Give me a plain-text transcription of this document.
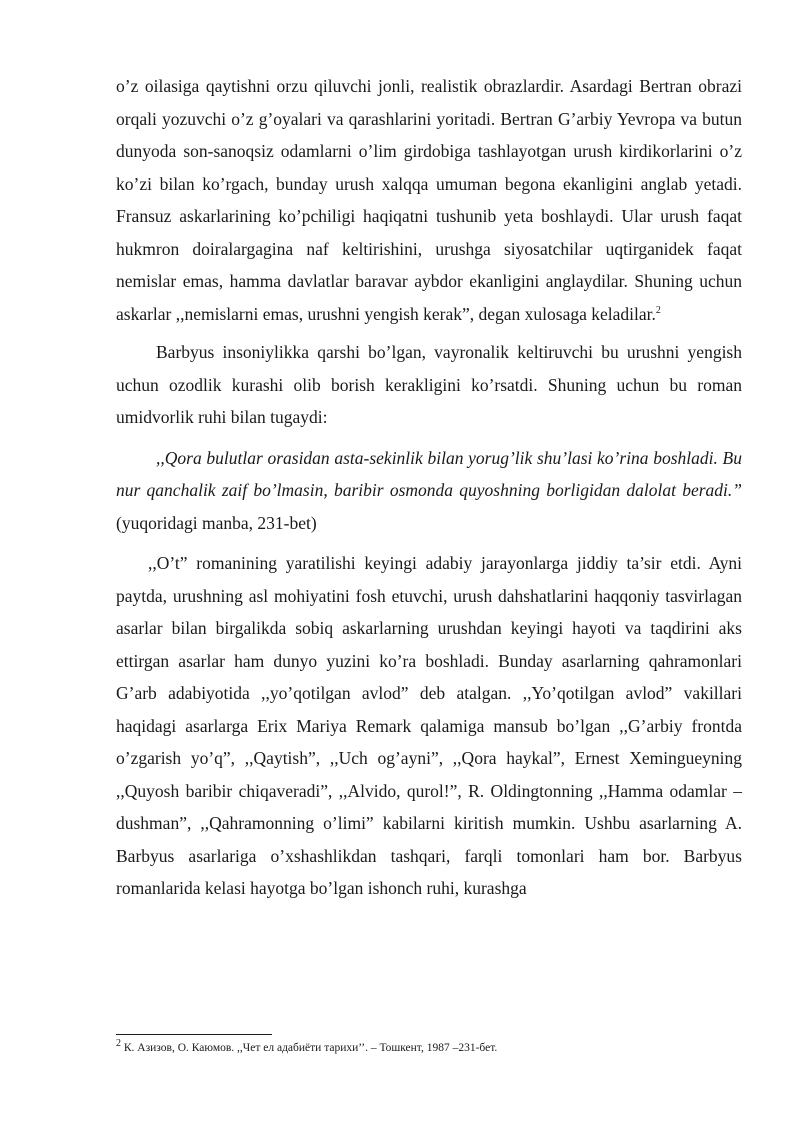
o’z oilasiga qaytishni orzu qiluvchi jonli, realistik obrazlardir. Asardagi Bertran obrazi orqali yozuvchi o’z g’oyalari va qarashlarini yoritadi. Bertran G’arbiy Yevropa va butun dunyoda son-sanoqsiz odamlarni o’lim girdobiga tashlayotgan urush kirdikorlarini o’z ko’zi bilan ko’rgach, bunday urush xalqqa umuman begona ekanligini anglab yetadi. Fransuz askarlarining ko’pchiligi haqiqatni tushunib yeta boshlaydi. Ular urush faqat hukmron doiralargagina naf keltirishini, urushga siyosatchilar uqtirganidek faqat nemislar emas, hamma davlatlar baravar aybdor ekanligini anglaydilar. Shuning uchun askarlar ,,nemislarni emas, urushni yengish kerak”, degan xulosaga keladilar.$^2$

Barbyus insoniylikka qarshi bo’lgan, vayronalik keltiruvchi bu urushni yengish uchun ozodlik kurashi olib borish kerakligini ko’rsatdi. Shuning uchun bu roman umidvorlik ruhi bilan tugaydi:

,,Qora bulutlar orasidan asta-sekinlik bilan yorug’lik shu’lasi ko’rina boshladi. Bu nur qanchalik zaif bo’lmasin, baribir osmonda quyoshning borligidan dalolat beradi.” (yuqoridagi manba, 231-bet)

,,O’t” romanining yaratilishi keyingi adabiy jarayonlarga jiddiy ta’sir etdi. Ayni paytda, urushning asl mohiyatini fosh etuvchi, urush dahshatlarini haqqoniy tasvirlagan asarlar bilan birgalikda sobiq askarlarning urushdan keyingi hayoti va taqdirini aks ettirgan asarlar ham dunyo yuzini ko’ra boshladi. Bunday asarlarning qahramonlari G’arb adabiyotida ,,yo’qotilgan avlod” deb atalgan. ,,Yo’qotilgan avlod” vakillari haqidagi asarlarga Erix Mariya Remark qalamiga mansub bo’lgan ,,G’arbiy frontda o’zgarish yo’q”, ,,Qaytish”, ,,Uch og’ayni”, ,,Qora haykal”, Ernest Xemingueyning ,,Quyosh baribir chiqaveradi”, ,,Alvido, qurol!”, R. Oldingtonning ,,Hamma odamlar – dushman”, ,,Qahramonning o’limi” kabilarni kiritish mumkin. Ushbu asarlarning A. Barbyus asarlariga o’xshashlikdan tashqari, farqli tomonlari ham bor. Barbyus romanlarida kelasi hayotga bo’lgan ishonch ruhi, kurashga

$^2$ К. Азизов, О. Каюмов. ,,Чет ел адабиёти тарихи’’. – Тошкент, 1987 –231-бет.
